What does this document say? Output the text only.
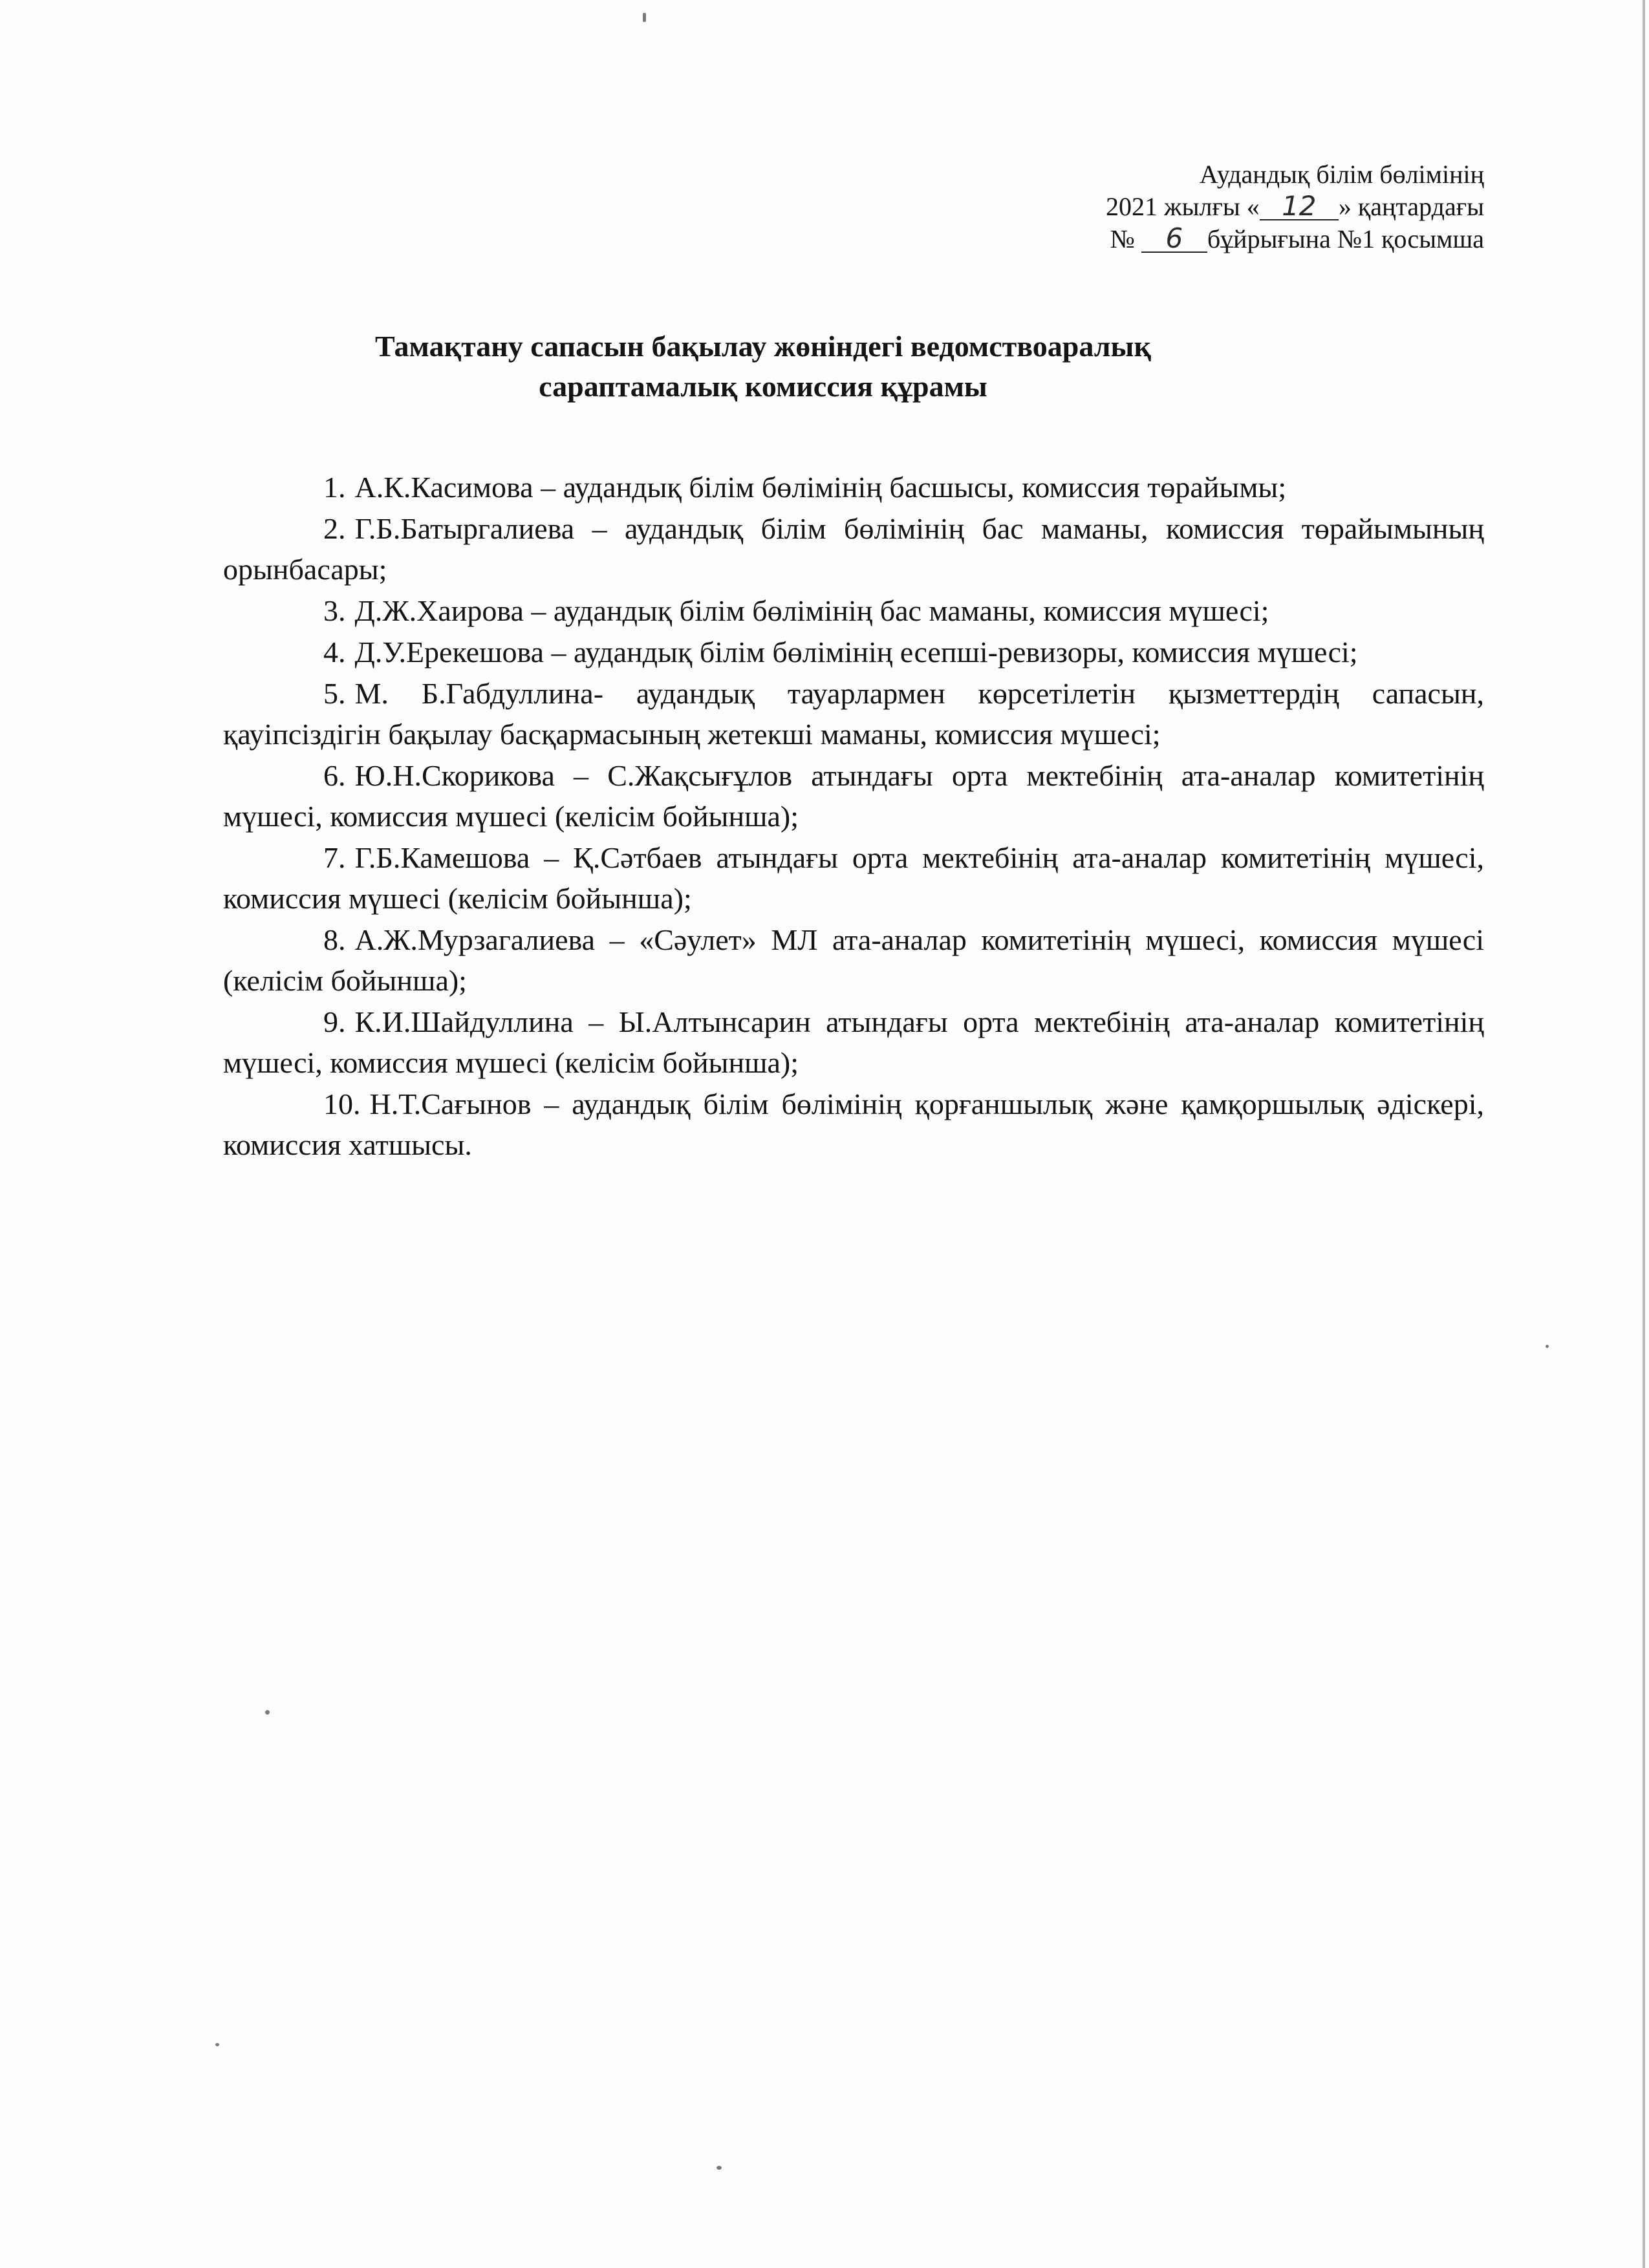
Аудандық білім бөлімінің
2021 жылғы « 12 » қаңтардағы
№ 6 бұйрығына №1 қосымша
Тамақтану сапасын бақылау жөніндегі ведомствоаралық
сараптамалық комиссия құрамы

1. А.К.Касимова – аудандық білім бөлімінің басшысы, комиссия төрайымы;

2. Г.Б.Батыргалиева – аудандық білім бөлімінің бас маманы, комиссия төрайымының орынбасары;

3. Д.Ж.Хаирова – аудандық білім бөлімінің бас маманы, комиссия мүшесі;

4. Д.У.Ерекешова – аудандық білім бөлімінің есепші-ревизоры, комиссия мүшесі;

5. М. Б.Габдуллина- аудандық тауарлармен көрсетілетін қызметтердің сапасын, қауіпсіздігін бақылау басқармасының жетекші маманы, комиссия мүшесі;

6. Ю.Н.Скорикова – С.Жақсығұлов атындағы орта мектебінің ата-аналар комитетінің мүшесі, комиссия мүшесі (келісім бойынша);

7. Г.Б.Камешова – Қ.Сәтбаев атындағы орта мектебінің ата-аналар комитетінің мүшесі, комиссия мүшесі (келісім бойынша);

8. А.Ж.Мурзагалиева – «Сәулет» МЛ ата-аналар комитетінің мүшесі, комиссия мүшесі (келісім бойынша);

9. К.И.Шайдуллина – Ы.Алтынсарин атындағы орта мектебінің ата-аналар комитетінің мүшесі, комиссия мүшесі (келісім бойынша);

10. Н.Т.Сағынов – аудандық білім бөлімінің қорғаншылық және қамқоршылық әдіскері, комиссия хатшысы.
